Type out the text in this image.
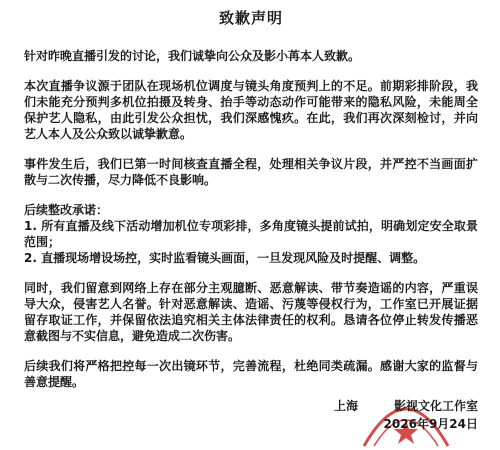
致歉声明

针对昨晚直播引发的讨论，我们诚挚向公众及影小苒本人致歉。

本次直播争议源于团队在现场机位调度与镜头角度预判上的不足。前期彩排阶段，我们未能充分预判多机位拍摄及转身、抬手等动态动作可能带来的隐私风险，未能周全保护艺人隐私，由此引发公众担忧，我们深感愧疚。在此，我们再次深刻检讨，并向艺人本人及公众致以诚挚歉意。

事件发生后，我们已第一时间核查直播全程，处理相关争议片段，并严控不当画面扩散与二次传播，尽力降低不良影响。

后续整改承诺：

1. 所有直播及线下活动增加机位专项彩排，多角度镜头提前试拍，明确划定安全取景范围；

2. 直播现场增设场控，实时监看镜头画面，一旦发现风险及时提醒、调整。

同时，我们留意到网络上存在部分主观臆断、恶意解读、带节奏造谣的内容，严重误导大众，侵害艺人名誉。针对恶意解读、造谣、污蔑等侵权行为，工作室已开展证据留存取证工作，并保留依法追究相关主体法律责任的权利。恳请各位停止转发传播恶意截图与不实信息，避免造成二次伤害。

后续我们将严格把控每一次出镜环节，完善流程，杜绝同类疏漏。感谢大家的监督与善意提醒。

上海   影视文化工作室
2026年9月24日
